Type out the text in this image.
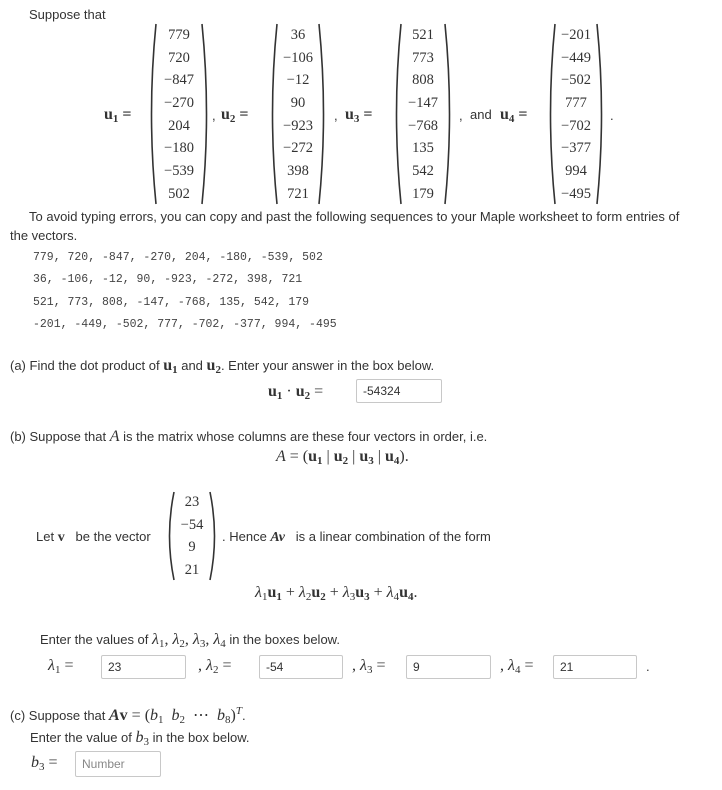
Suppose that
u1 =
779
720
−847
−270
204
−180
−539
502
, u2 =
36
−106
−12
90
−923
−272
398
721
, u3 =
521
773
808
−147
−768
135
542
179
, and u4 =
−201
−449
−502
777
−702
−377
994
−495
.
To avoid typing errors, you can copy and past the following sequences to your Maple worksheet to form entries of
the vectors.
779, 720, -847, -270, 204, -180, -539, 502
36, -106, -12, 90, -923, -272, 398, 721
521, 773, 808, -147, -768, 135, 542, 179
-201, -449, -502, 777, -702, -377, 994, -495
(a) Find the dot product of u1 and u2. Enter your answer in the box below.
u1 · u2 =
-54324
(b) Suppose that A is the matrix whose columns are these four vectors in order, i.e.
A = (u1 | u2 | u3 | u4).
Let v be the vector
23
−54
9
21
. Hence Av is a linear combination of the form
λ1u1 + λ2u2 + λ3u3 + λ4u4.
Enter the values of λ1, λ2, λ3, λ4 in the boxes below.
λ1 =
23	, λ2 =
-54	, λ3 =
9	, λ4 =
21	.
(c) Suppose that Av = (b1 b2  ⋯  b8)$^T$.
Enter the value of b3 in the box below.
b3 =
Number
